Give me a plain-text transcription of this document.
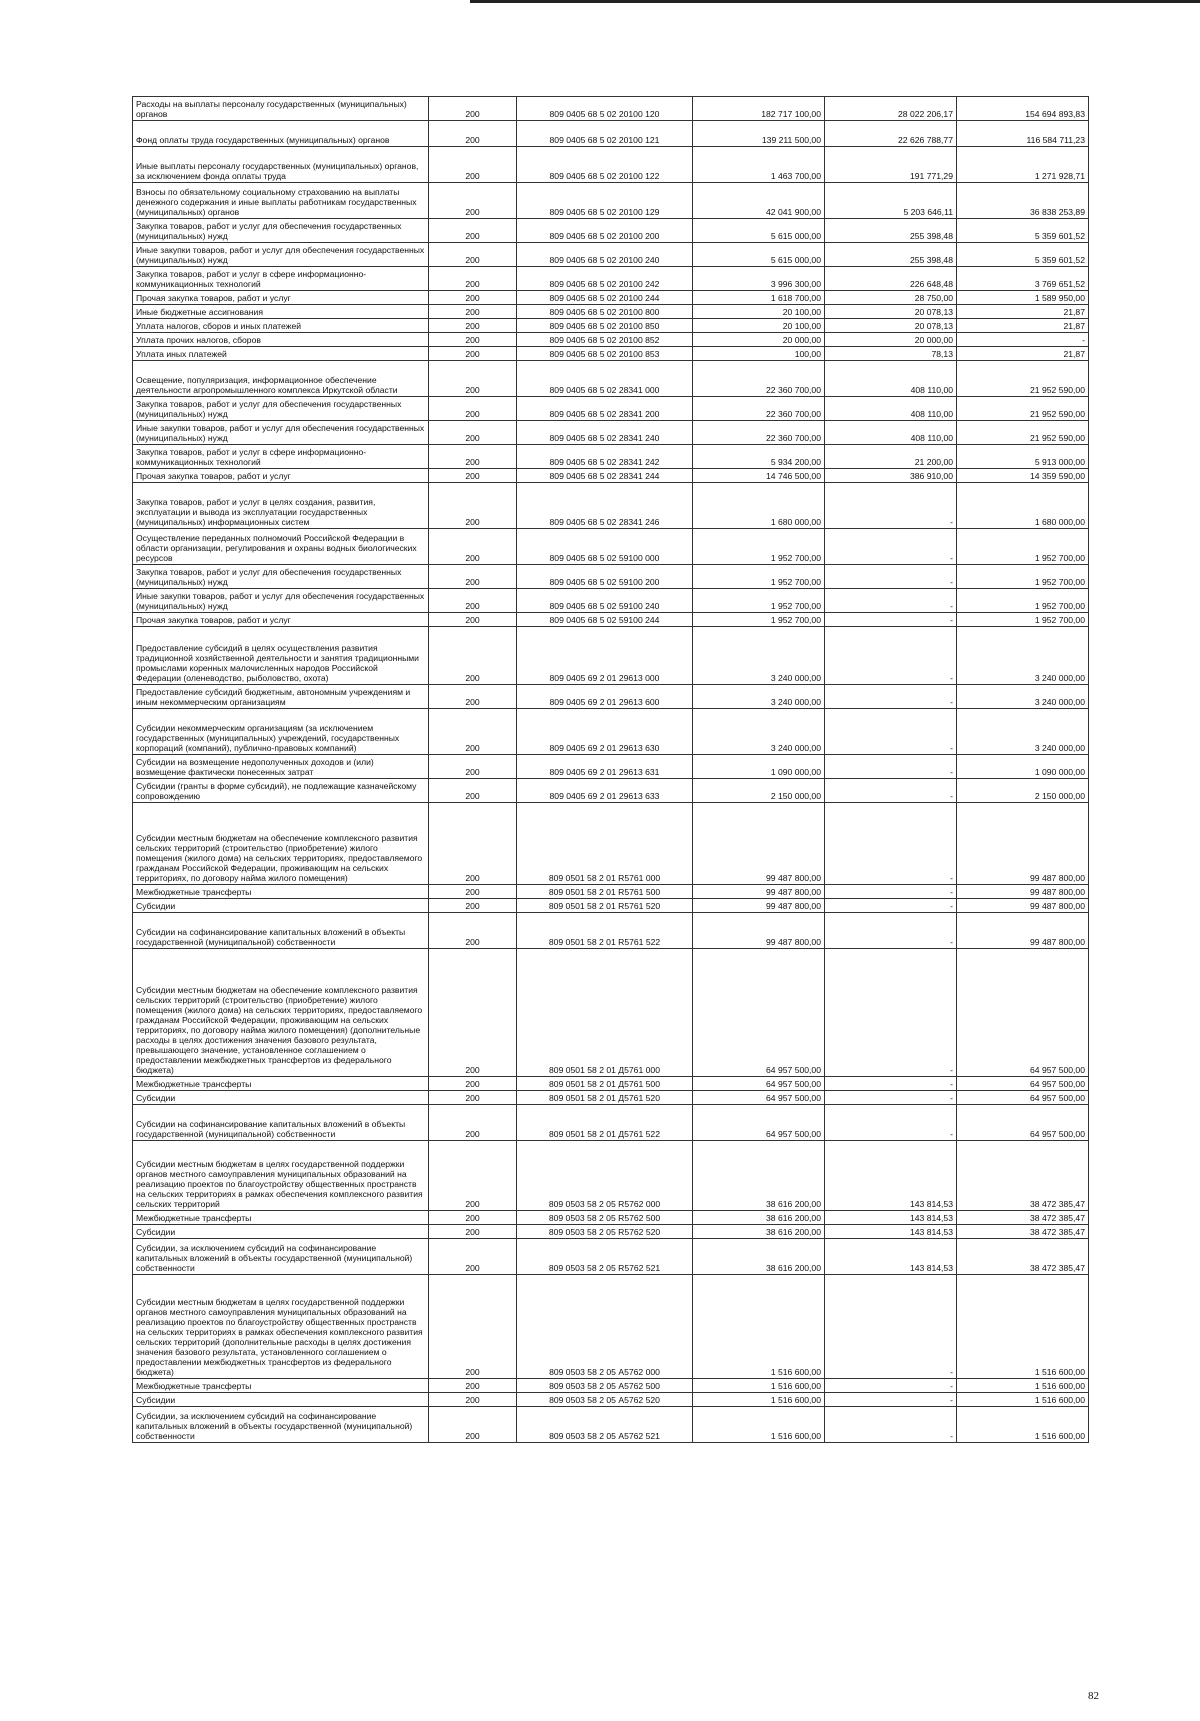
Расходы на выплаты персоналу государственных (муниципальных) органов	200	809 0405 68 5 02 20100 120	182 717 100,00	28 022 206,17	154 694 893,83
Фонд оплаты труда государственных (муниципальных) органов	200	809 0405 68 5 02 20100 121	139 211 500,00	22 626 788,77	116 584 711,23
Иные выплаты персоналу государственных (муниципальных) органов, за исключением фонда оплаты труда	200	809 0405 68 5 02 20100 122	1 463 700,00	191 771,29	1 271 928,71
Взносы по обязательному социальному страхованию на выплаты денежного содержания и иные выплаты работникам государственных (муниципальных) органов	200	809 0405 68 5 02 20100 129	42 041 900,00	5 203 646,11	36 838 253,89
Закупка товаров, работ и услуг для обеспечения государственных (муниципальных) нужд	200	809 0405 68 5 02 20100 200	5 615 000,00	255 398,48	5 359 601,52
Иные закупки товаров, работ и услуг для обеспечения государственных (муниципальных) нужд	200	809 0405 68 5 02 20100 240	5 615 000,00	255 398,48	5 359 601,52
Закупка товаров, работ и услуг в сфере информационно-коммуникационных технологий	200	809 0405 68 5 02 20100 242	3 996 300,00	226 648,48	3 769 651,52
Прочая закупка товаров, работ и услуг	200	809 0405 68 5 02 20100 244	1 618 700,00	28 750,00	1 589 950,00
Иные бюджетные ассигнования	200	809 0405 68 5 02 20100 800	20 100,00	20 078,13	21,87
Уплата налогов, сборов и иных платежей	200	809 0405 68 5 02 20100 850	20 100,00	20 078,13	21,87
Уплата прочих налогов, сборов	200	809 0405 68 5 02 20100 852	20 000,00	20 000,00	-
Уплата иных платежей	200	809 0405 68 5 02 20100 853	100,00	78,13	21,87
Освещение, популяризация, информационное обеспечение деятельности агропромышленного комплекса Иркутской области	200	809 0405 68 5 02 28341 000	22 360 700,00	408 110,00	21 952 590,00
Закупка товаров, работ и услуг для обеспечения государственных (муниципальных) нужд	200	809 0405 68 5 02 28341 200	22 360 700,00	408 110,00	21 952 590,00
Иные закупки товаров, работ и услуг для обеспечения государственных (муниципальных) нужд	200	809 0405 68 5 02 28341 240	22 360 700,00	408 110,00	21 952 590,00
Закупка товаров, работ и услуг в сфере информационно-коммуникационных технологий	200	809 0405 68 5 02 28341 242	5 934 200,00	21 200,00	5 913 000,00
Прочая закупка товаров, работ и услуг	200	809 0405 68 5 02 28341 244	14 746 500,00	386 910,00	14 359 590,00
Закупка товаров, работ и услуг в целях создания, развития, эксплуатации и вывода из эксплуатации государственных (муниципальных) информационных систем	200	809 0405 68 5 02 28341 246	1 680 000,00	-	1 680 000,00
Осуществление переданных полномочий Российской Федерации в области организации, регулирования и охраны водных биологических ресурсов	200	809 0405 68 5 02 59100 000	1 952 700,00	-	1 952 700,00
Закупка товаров, работ и услуг для обеспечения государственных (муниципальных) нужд	200	809 0405 68 5 02 59100 200	1 952 700,00	-	1 952 700,00
Иные закупки товаров, работ и услуг для обеспечения государственных (муниципальных) нужд	200	809 0405 68 5 02 59100 240	1 952 700,00	-	1 952 700,00
Прочая закупка товаров, работ и услуг	200	809 0405 68 5 02 59100 244	1 952 700,00	-	1 952 700,00
Предоставление субсидий в целях осуществления развития традиционной хозяйственной деятельности и занятия традиционными промыслами коренных малочисленных народов Российской Федерации (оленеводство, рыболовство, охота)	200	809 0405 69 2 01 29613 000	3 240 000,00	-	3 240 000,00
Предоставление субсидий бюджетным, автономным учреждениям и иным некоммерческим организациям	200	809 0405 69 2 01 29613 600	3 240 000,00	-	3 240 000,00
Субсидии некоммерческим организациям (за исключением государственных (муниципальных) учреждений, государственных корпораций (компаний), публично-правовых компаний)	200	809 0405 69 2 01 29613 630	3 240 000,00	-	3 240 000,00
Субсидии на возмещение недополученных доходов и (или) возмещение фактически понесенных затрат	200	809 0405 69 2 01 29613 631	1 090 000,00	-	1 090 000,00
Субсидии (гранты в форме субсидий), не подлежащие казначейскому сопровождению	200	809 0405 69 2 01 29613 633	2 150 000,00	-	2 150 000,00
Субсидии местным бюджетам на обеспечение комплексного развития сельских территорий (строительство (приобретение) жилого помещения (жилого дома) на сельских территориях, предоставляемого гражданам Российской Федерации, проживающим на сельских территориях, по договору найма жилого помещения)	200	809 0501 58 2 01 R5761 000	99 487 800,00	-	99 487 800,00
Межбюджетные трансферты	200	809 0501 58 2 01 R5761 500	99 487 800,00	-	99 487 800,00
Субсидии	200	809 0501 58 2 01 R5761 520	99 487 800,00	-	99 487 800,00
Субсидии на софинансирование капитальных вложений в объекты государственной (муниципальной) собственности	200	809 0501 58 2 01 R5761 522	99 487 800,00	-	99 487 800,00
Субсидии местным бюджетам на обеспечение комплексного развития сельских территорий (строительство (приобретение) жилого помещения (жилого дома) на сельских территориях, предоставляемого гражданам Российской Федерации, проживающим на сельских территориях, по договору найма жилого помещения) (дополнительные расходы в целях достижения значения базового результата, превышающего значение, установленное соглашением о предоставлении межбюджетных трансфертов из федерального бюджета)	200	809 0501 58 2 01 Д5761 000	64 957 500,00	-	64 957 500,00
Межбюджетные трансферты	200	809 0501 58 2 01 Д5761 500	64 957 500,00	-	64 957 500,00
Субсидии	200	809 0501 58 2 01 Д5761 520	64 957 500,00	-	64 957 500,00
Субсидии на софинансирование капитальных вложений в объекты государственной (муниципальной) собственности	200	809 0501 58 2 01 Д5761 522	64 957 500,00	-	64 957 500,00
Субсидии местным бюджетам в целях государственной поддержки органов местного самоуправления муниципальных образований на реализацию проектов по благоустройству общественных пространств на сельских территориях в рамках обеспечения комплексного развития сельских территорий	200	809 0503 58 2 05 R5762 000	38 616 200,00	143 814,53	38 472 385,47
Межбюджетные трансферты	200	809 0503 58 2 05 R5762 500	38 616 200,00	143 814,53	38 472 385,47
Субсидии	200	809 0503 58 2 05 R5762 520	38 616 200,00	143 814,53	38 472 385,47
Субсидии, за исключением субсидий на софинансирование капитальных вложений в объекты государственной (муниципальной) собственности	200	809 0503 58 2 05 R5762 521	38 616 200,00	143 814,53	38 472 385,47
Субсидии местным бюджетам в целях государственной поддержки органов местного самоуправления муниципальных образований на реализацию проектов по благоустройству общественных пространств на сельских территориях в рамках обеспечения комплексного развития сельских территорий (дополнительные расходы в целях достижения значения базового результата, установленного соглашением о предоставлении межбюджетных трансфертов из федерального бюджета)	200	809 0503 58 2 05 А5762 000	1 516 600,00	-	1 516 600,00
Межбюджетные трансферты	200	809 0503 58 2 05 А5762 500	1 516 600,00	-	1 516 600,00
Субсидии	200	809 0503 58 2 05 А5762 520	1 516 600,00	-	1 516 600,00
Субсидии, за исключением субсидий на софинансирование капитальных вложений в объекты государственной (муниципальной) собственности	200	809 0503 58 2 05 А5762 521	1 516 600,00	-	1 516 600,00
82
